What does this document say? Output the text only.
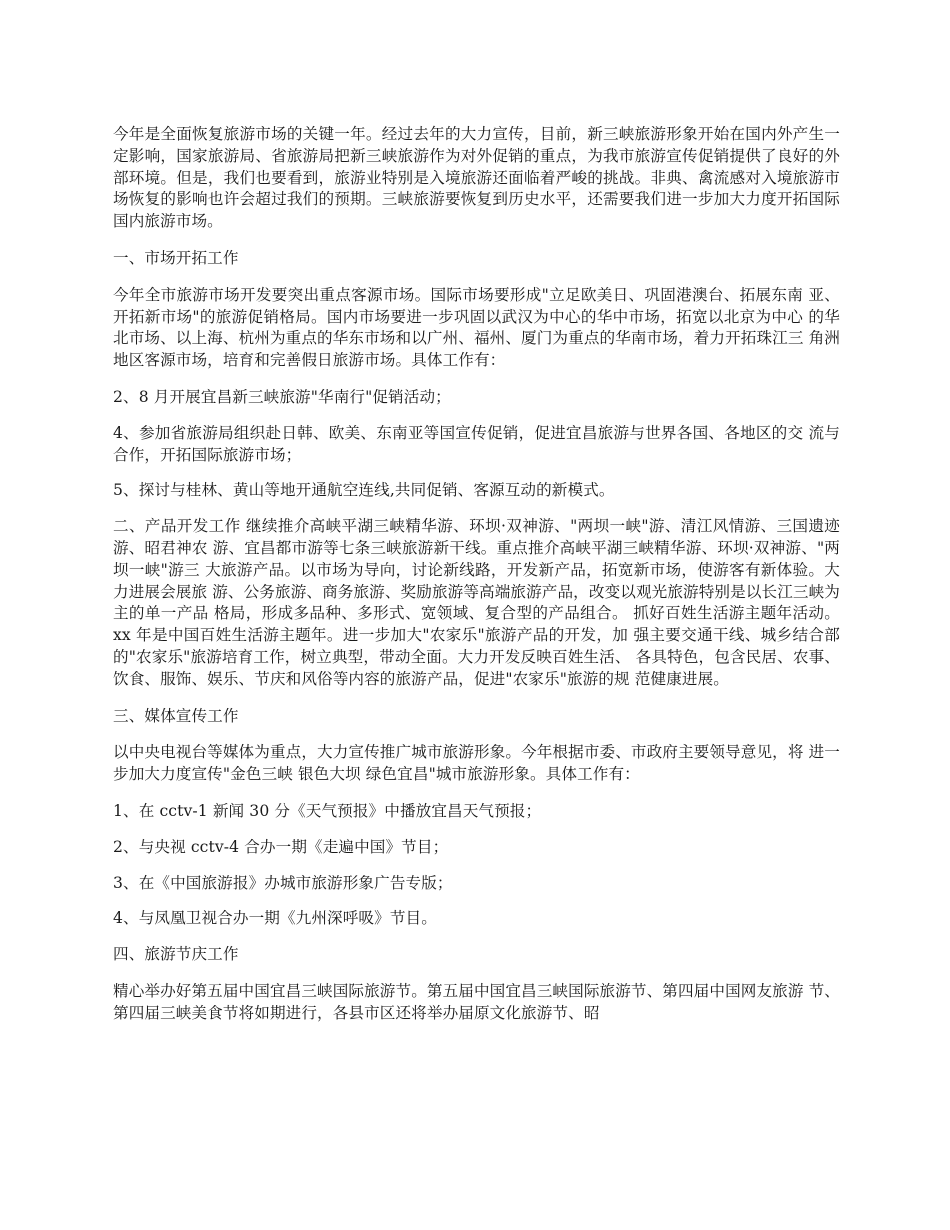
今年是全面恢复旅游市场的关键一年。经过去年的大力宣传，目前，新三峡旅游形象开始在国内外产生一 定影响，国家旅游局、省旅游局把新三峡旅游作为对外促销的重点，为我市旅游宣传促销提供了良好的外 部环境。但是，我们也要看到，旅游业特别是入境旅游还面临着严峻的挑战。非典、禽流感对入境旅游市 场恢复的影响也许会超过我们的预期。三峡旅游要恢复到历史水平，还需要我们进一步加大力度开拓国际 国内旅游市场。

一、市场开拓工作

今年全市旅游市场开发要突出重点客源市场。国际市场要形成"立足欧美日、巩固港澳台、拓展东南 亚、开拓新市场"的旅游促销格局。国内市场要进一步巩固以武汉为中心的华中市场，拓宽以北京为中心 的华北市场、以上海、杭州为重点的华东市场和以广州、福州、厦门为重点的华南市场，着力开拓珠江三 角洲地区客源市场，培育和完善假日旅游市场。具体工作有：

2、8 月开展宜昌新三峡旅游"华南行"促销活动；

4、参加省旅游局组织赴日韩、欧美、东南亚等国宣传促销，促进宜昌旅游与世界各国、各地区的交 流与合作，开拓国际旅游市场；

5、探讨与桂林、黄山等地开通航空连线,共同促销、客源互动的新模式。

二、产品开发工作 继续推介高峡平湖三峡精华游、环坝·双神游、"两坝一峡"游、清江风情游、三国遗迹游、昭君神农 游、宜昌都市游等七条三峡旅游新干线。重点推介高峡平湖三峡精华游、环坝·双神游、"两坝一峡"游三 大旅游产品。以市场为导向，讨论新线路，开发新产品，拓宽新市场，使游客有新体验。大力进展会展旅 游、公务旅游、商务旅游、奖励旅游等高端旅游产品，改变以观光旅游特别是以长江三峡为主的单一产品 格局，形成多品种、多形式、宽领域、复合型的产品组合。 抓好百姓生活游主题年活动。xx 年是中国百姓生活游主题年。进一步加大"农家乐"旅游产品的开发，加 强主要交通干线、城乡结合部的"农家乐"旅游培育工作，树立典型，带动全面。大力开发反映百姓生活、 各具特色，包含民居、农事、饮食、服饰、娱乐、节庆和风俗等内容的旅游产品，促进"农家乐"旅游的规 范健康进展。

三、媒体宣传工作

以中央电视台等媒体为重点，大力宣传推广城市旅游形象。今年根据市委、市政府主要领导意见，将 进一步加大力度宣传"金色三峡 银色大坝 绿色宜昌"城市旅游形象。具体工作有：

1、在 cctv-1 新闻 30 分《天气预报》中播放宜昌天气预报；

2、与央视 cctv-4 合办一期《走遍中国》节目；

3、在《中国旅游报》办城市旅游形象广告专版；

4、与凤凰卫视合办一期《九州深呼吸》节目。

四、旅游节庆工作

精心举办好第五届中国宜昌三峡国际旅游节。第五届中国宜昌三峡国际旅游节、第四届中国网友旅游 节、第四届三峡美食节将如期进行，各县市区还将举办届原文化旅游节、昭
